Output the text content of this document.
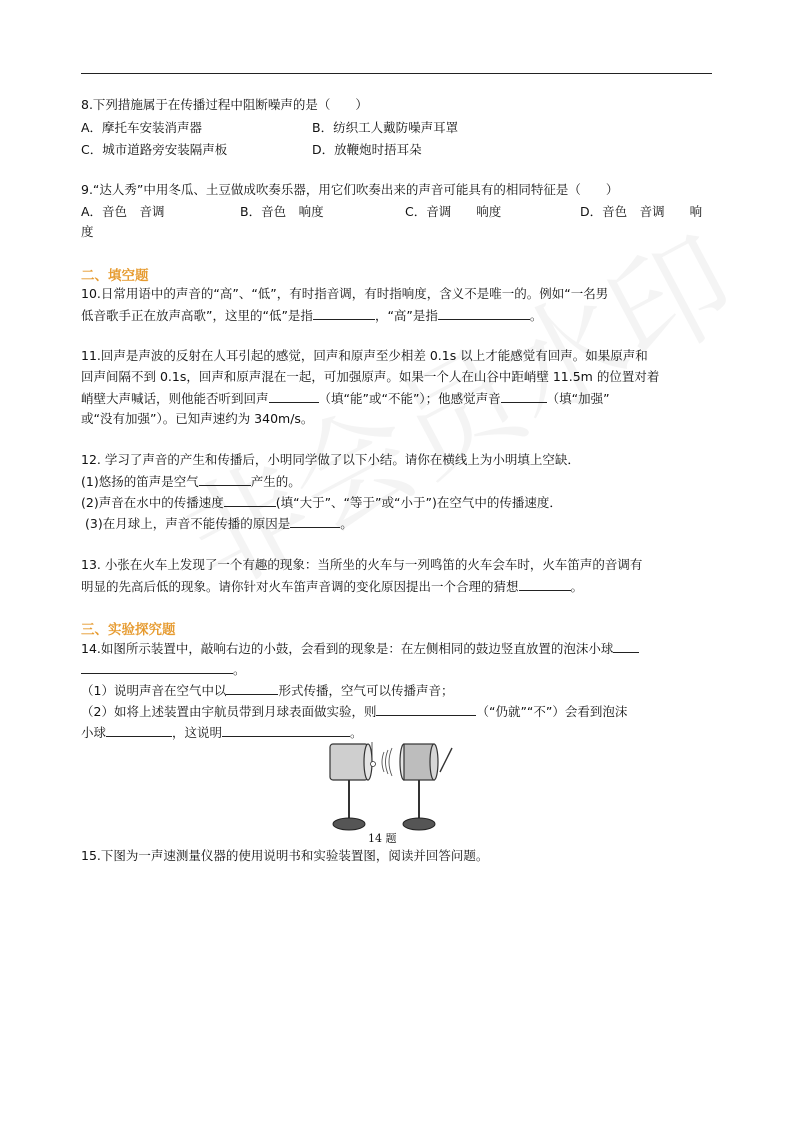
8.下列措施属于在传播过程中阻断噪声的是（　　）
A．摩托车安装消声器	B．纺织工人戴防噪声耳罩
C．城市道路旁安装隔声板	D．放鞭炮时捂耳朵
9.“达人秀”中用冬瓜、土豆做成吹奏乐器，用它们吹奏出来的声音可能具有的相同特征是（　　）
A．音色　音调	B．音色　响度	C．音调　　响度	D．音色　音调　　响
度
二、填空题
10.日常用语中的声音的“高”、“低”，有时指音调，有时指响度，含义不是唯一的。例如“一名男
低音歌手正在放声高歌”，这里的“低”是指	，“高”是指	。
11.回声是声波的反射在人耳引起的感觉，回声和原声至少相差 0.1s 以上才能感觉有回声。如果原声和
回声间隔不到 0.1s，回声和原声混在一起，可加强原声。如果一个人在山谷中距峭壁 11.5m 的位置对着
峭壁大声喊话，则他能否听到回声	（填“能”或“不能”）；他感觉声音	（填“加强”
或“没有加强”）。已知声速约为 340m/s。
12. 学习了声音的产生和传播后，小明同学做了以下小结。请你在横线上为小明填上空缺．
(1)悠扬的笛声是空气	产生的。
(2)声音在水中的传播速度	(填“大于”、“等于”或“小于”)在空气中的传播速度．
(3)在月球上，声音不能传播的原因是	。
13. 小张在火车上发现了一个有趣的现象：当所坐的火车与一列鸣笛的火车会车时，火车笛声的音调有
明显的先高后低的现象。请你针对火车笛声音调的变化原因提出一个合理的猜想	。
三、实验探究题
14.如图所示装置中，敲响右边的小鼓，会看到的现象是：在左侧相同的鼓边竖直放置的泡沫小球
。
（1）说明声音在空气中以	形式传播，空气可以传播声音；
（2）如将上述装置由宇航员带到月球表面做实验，则	（“仍就”“不”）会看到泡沫
小球	，这说明	。
14 题
15.下图为一声速测量仪器的使用说明书和实验装置图，阅读并回答问题。
